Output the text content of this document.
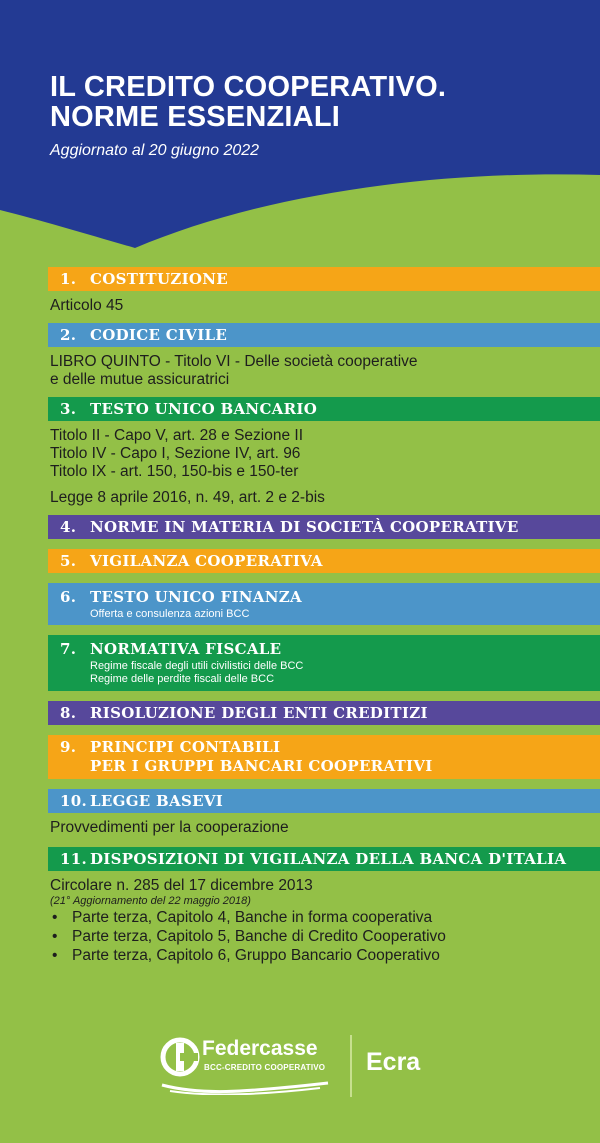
IL CREDITO COOPERATIVO.
NORME ESSENZIALI
Aggiornato al 20 giugno 2022
1. COSTITUZIONE
Articolo 45
2. CODICE CIVILE
LIBRO QUINTO - Titolo VI - Delle società cooperative
e delle mutue assicuratrici
3. TESTO UNICO BANCARIO
Titolo II - Capo V, art. 28 e Sezione II
Titolo IV - Capo I, Sezione IV, art. 96
Titolo IX - art. 150, 150-bis e 150-ter
Legge 8 aprile 2016, n. 49, art. 2 e 2-bis
4. NORME IN MATERIA DI SOCIETÀ COOPERATIVE
5. VIGILANZA COOPERATIVA
6. TESTO UNICO FINANZA
Offerta e consulenza azioni BCC
7. NORMATIVA FISCALE
Regime fiscale degli utili civilistici delle BCC
Regime delle perdite fiscali delle BCC
8. RISOLUZIONE DEGLI ENTI CREDITIZI
9. PRINCIPI CONTABILI
PER I GRUPPI BANCARI COOPERATIVI
10. LEGGE BASEVI
Provvedimenti per la cooperazione
11. DISPOSIZIONI DI VIGILANZA DELLA BANCA D'ITALIA
Circolare n. 285 del 17 dicembre 2013
(21° Aggiornamento del 22 maggio 2018)
• Parte terza, Capitolo 4, Banche in forma cooperativa
• Parte terza, Capitolo 5, Banche di Credito Cooperativo
• Parte terza, Capitolo 6, Gruppo Bancario Cooperativo
Federcasse
BCC-CREDITO COOPERATIVO Ecra
